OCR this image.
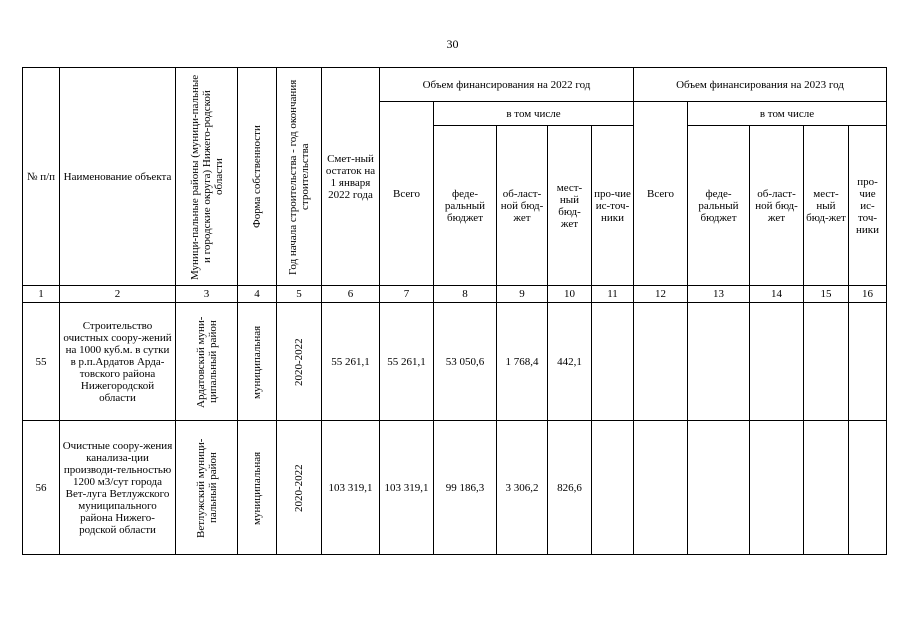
30
№ п/п	Наименование объекта	Муници-пальные районы (муници-пальные и городские округа) Нижего-родской области	Форма собственности	Год начала строительства - год окончания строительства	Смет-ный остаток на 1 января 2022 года	Объем финансирования на 2022 год					Объем финансирования на 2023 год				
						Всего	в том числе				Всего	в том числе			
							феде-ральный бюджет	об-ласт-ной бюд-жет	мест-ный бюд-жет	про-чие ис-точ-ники		феде-ральный бюджет	об-ласт-ной бюд-жет	мест-ный бюд-жет	про-чие ис-точ-ники
1	2	3	4	5	6	7	8	9	10	11	12	13	14	15	16
55	Строительство очистных соору-жений на 1000 куб.м. в сутки в р.п.Ардатов Арда-товского района Нижегородской области	Ардатовский муни-ципальный район	муниципальная	2020-2022	55 261,1	55 261,1	53 050,6	1 768,4	442,1						
56	Очистные соору-жения канализа-ции производи-тельностью 1200 м3/сут города Вет-луга Ветлужского муниципального района Нижего-родской области	Ветлужский муници-пальный район	муниципальная	2020-2022	103 319,1	103 319,1	99 186,3	3 306,2	826,6						
